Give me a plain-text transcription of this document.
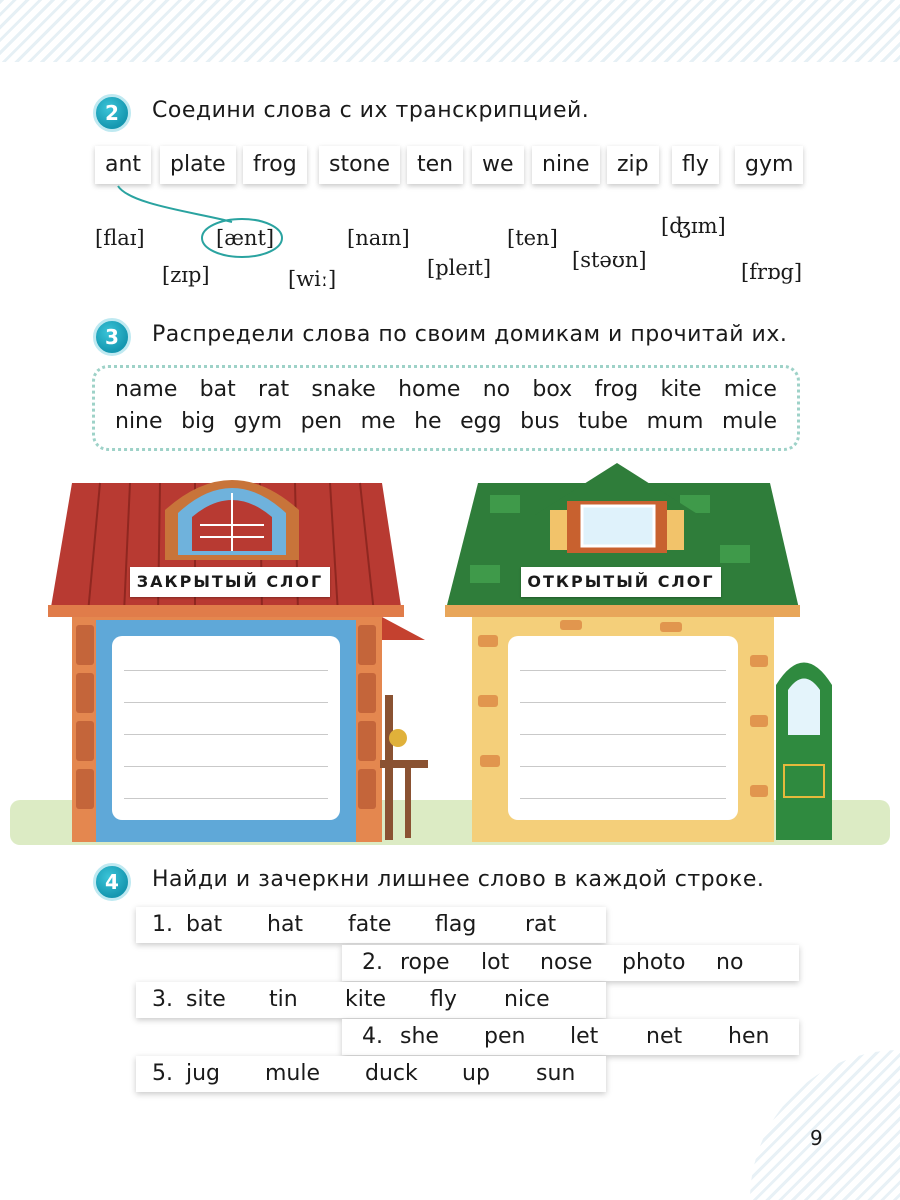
2	Соедини слова с их транскрипцией.
ant	plate	frog	stone	ten	we	nine	zip	fly	gym
[flaɪ]	[ænt]	[naɪn]	[ten]	[ʤɪm]
[zɪp]	[wiː]	[pleɪt]	[stəʊn]	[frɒg]
3	Распредели слова по своим домикам и прочитай их.
name bat rat snake home no box frog kite mice
nine big gym pen me he egg bus tube mum mule
ЗАКРЫТЫЙ СЛОГ	ОТКРЫТЫЙ СЛОГ
4	Найди и зачеркни лишнее слово в каждой строке.
1. bat hat fate flag rat
2. rope lot nose photo no
3. site tin kite fly nice
4. she pen let net hen
5. jug mule duck up sun
9
